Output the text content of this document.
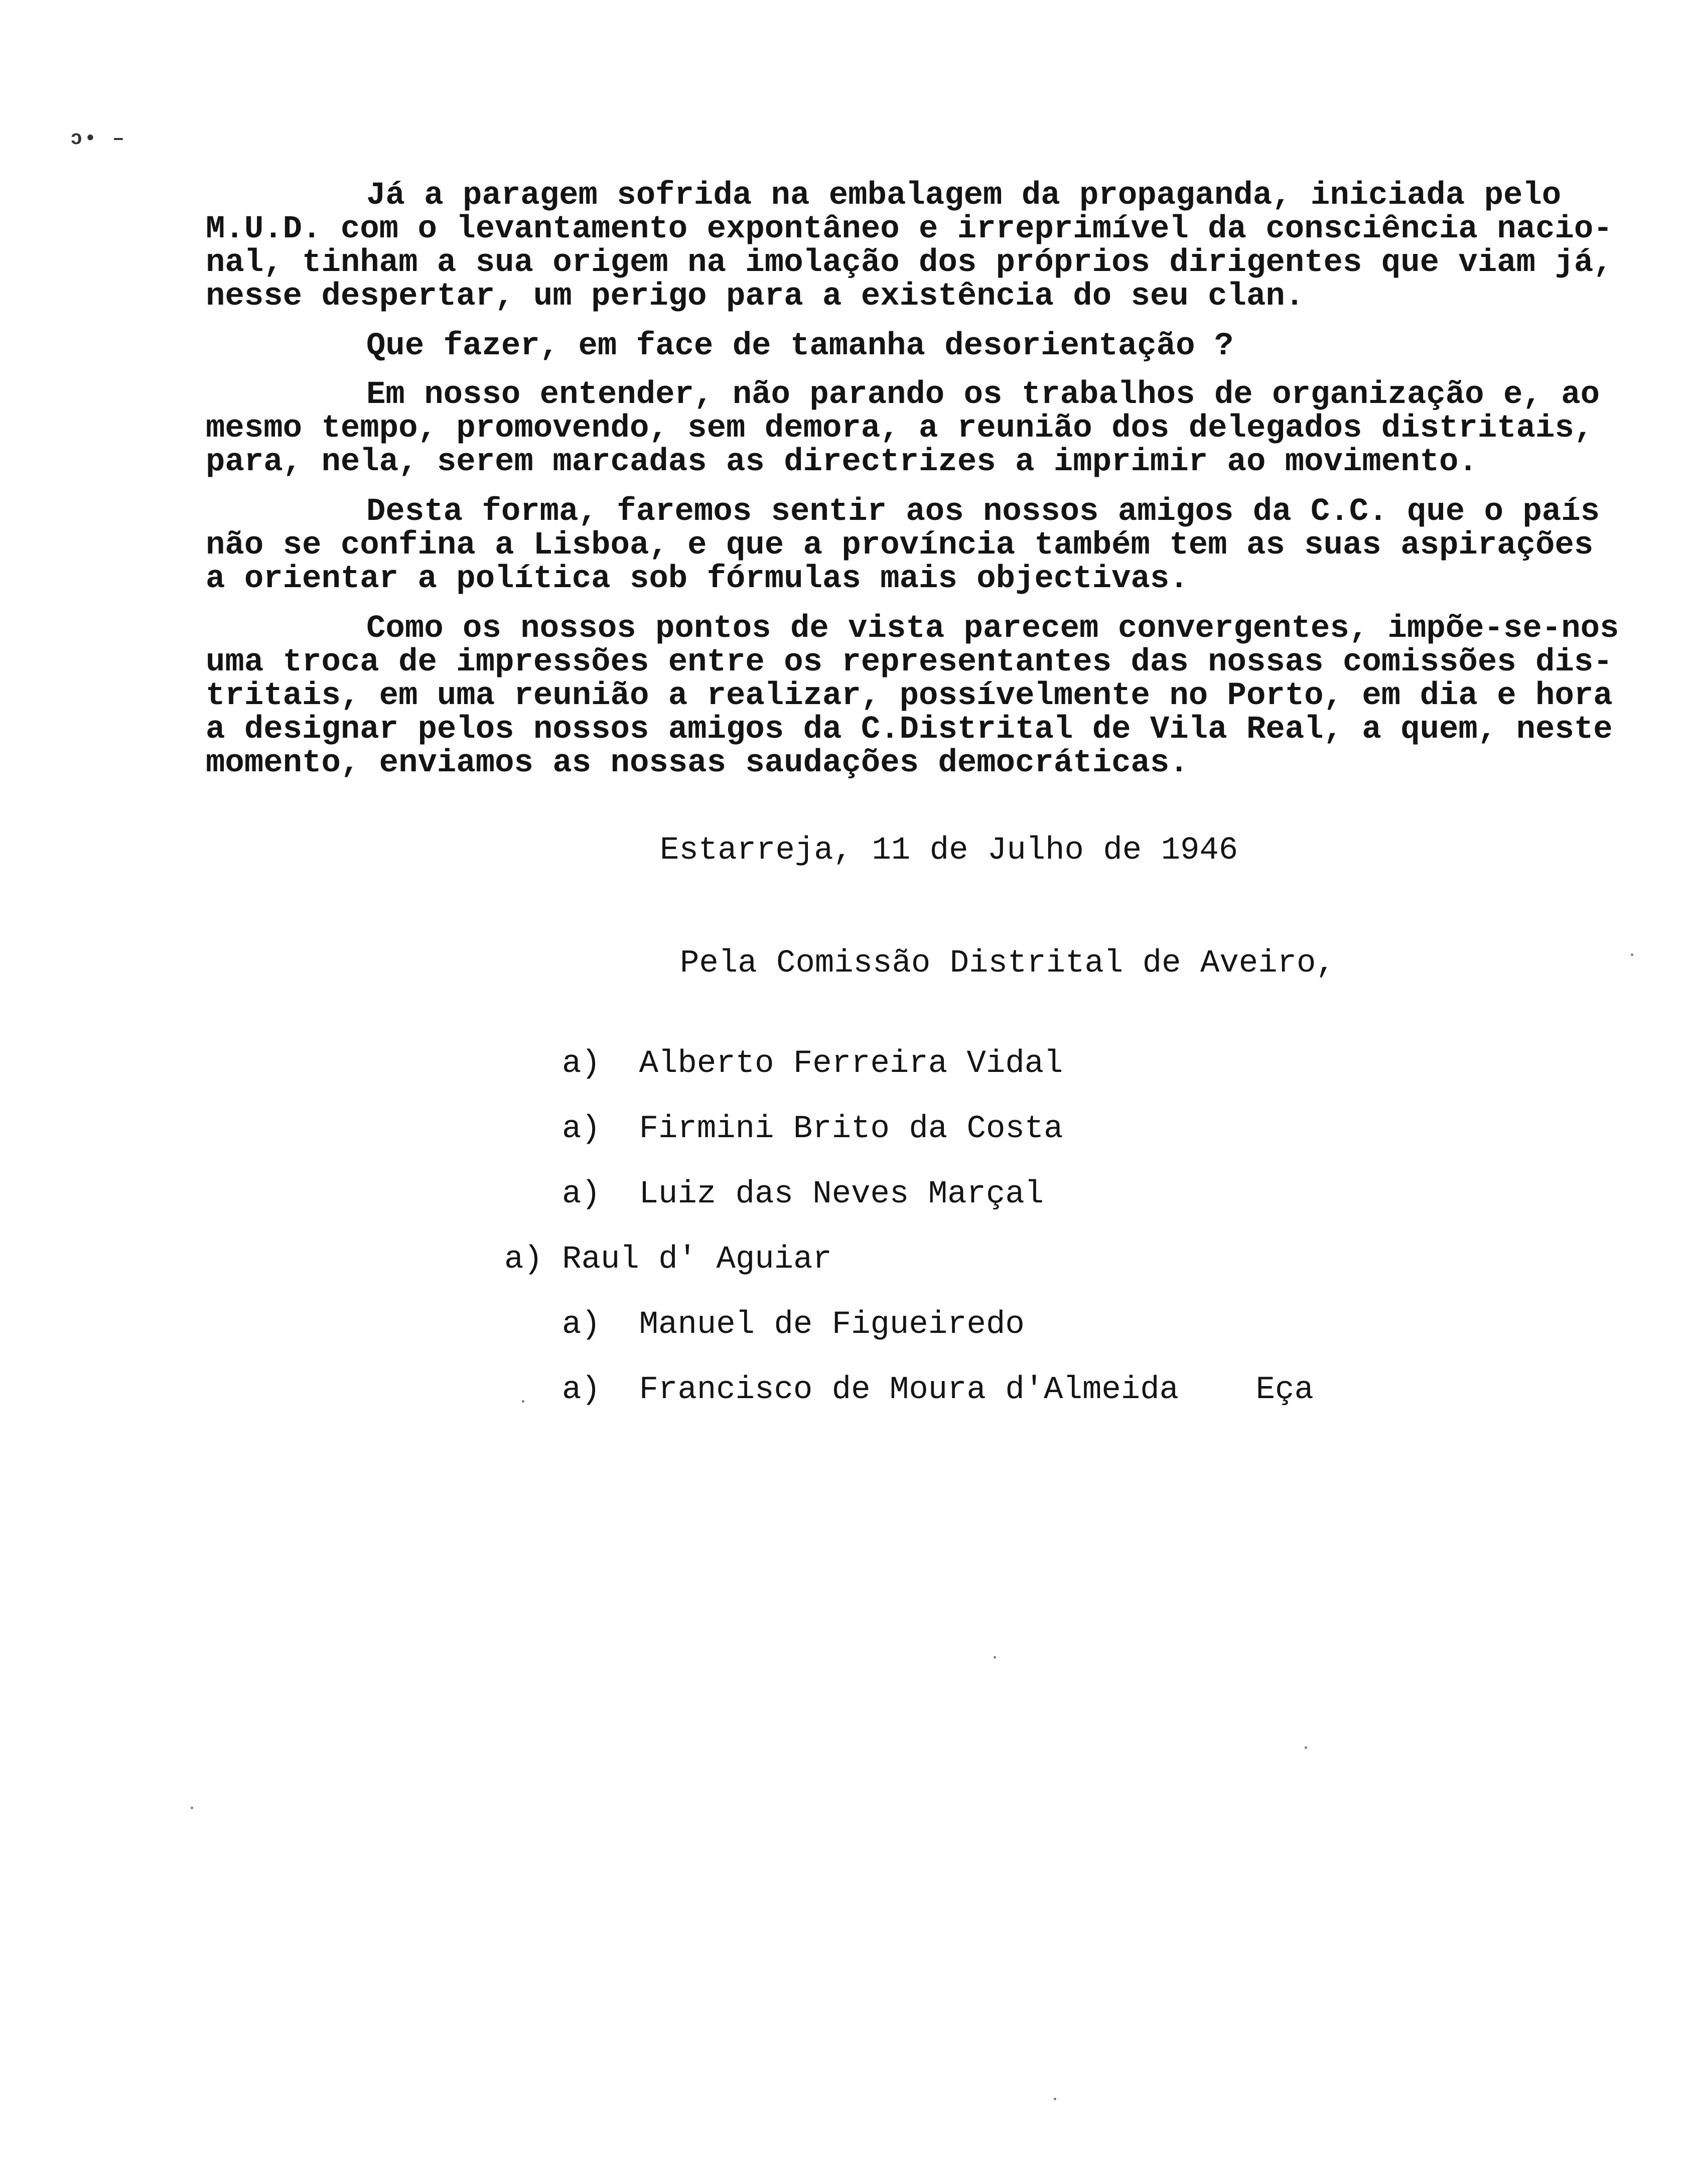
ɔ• –
Já a paragem sofrida na embalagem da propaganda, iniciada pelo
M.U.D. com o levantamento expontâneo e irreprimível da consciência nacio-
nal, tinham a sua origem na imolação dos próprios dirigentes que viam já,
nesse despertar, um perigo para a existência do seu clan.
Que fazer, em face de tamanha desorientação ?
Em nosso entender, não parando os trabalhos de organização e, ao
mesmo tempo, promovendo, sem demora, a reunião dos delegados distritais,
para, nela, serem marcadas as directrizes a imprimir ao movimento.
Desta forma, faremos sentir aos nossos amigos da C.C. que o país
não se confina a Lisboa, e que a província também tem as suas aspirações
a orientar a política sob fórmulas mais objectivas.
Como os nossos pontos de vista parecem convergentes, impõe-se-nos
uma troca de impressões entre os representantes das nossas comissões dis-
tritais, em uma reunião a realizar, possívelmente no Porto, em dia e hora
a designar pelos nossos amigos da C.Distrital de Vila Real, a quem, neste
momento, enviamos as nossas saudações democráticas.
Estarreja, 11 de Julho de 1946
Pela Comissão Distrital de Aveiro,
a)  Alberto Ferreira Vidal
a)  Firmini Brito da Costa
a)  Luiz das Neves Marçal
a) Raul d' Aguiar
a)  Manuel de Figueiredo
a)  Francisco de Moura d'Almeida    Eça
